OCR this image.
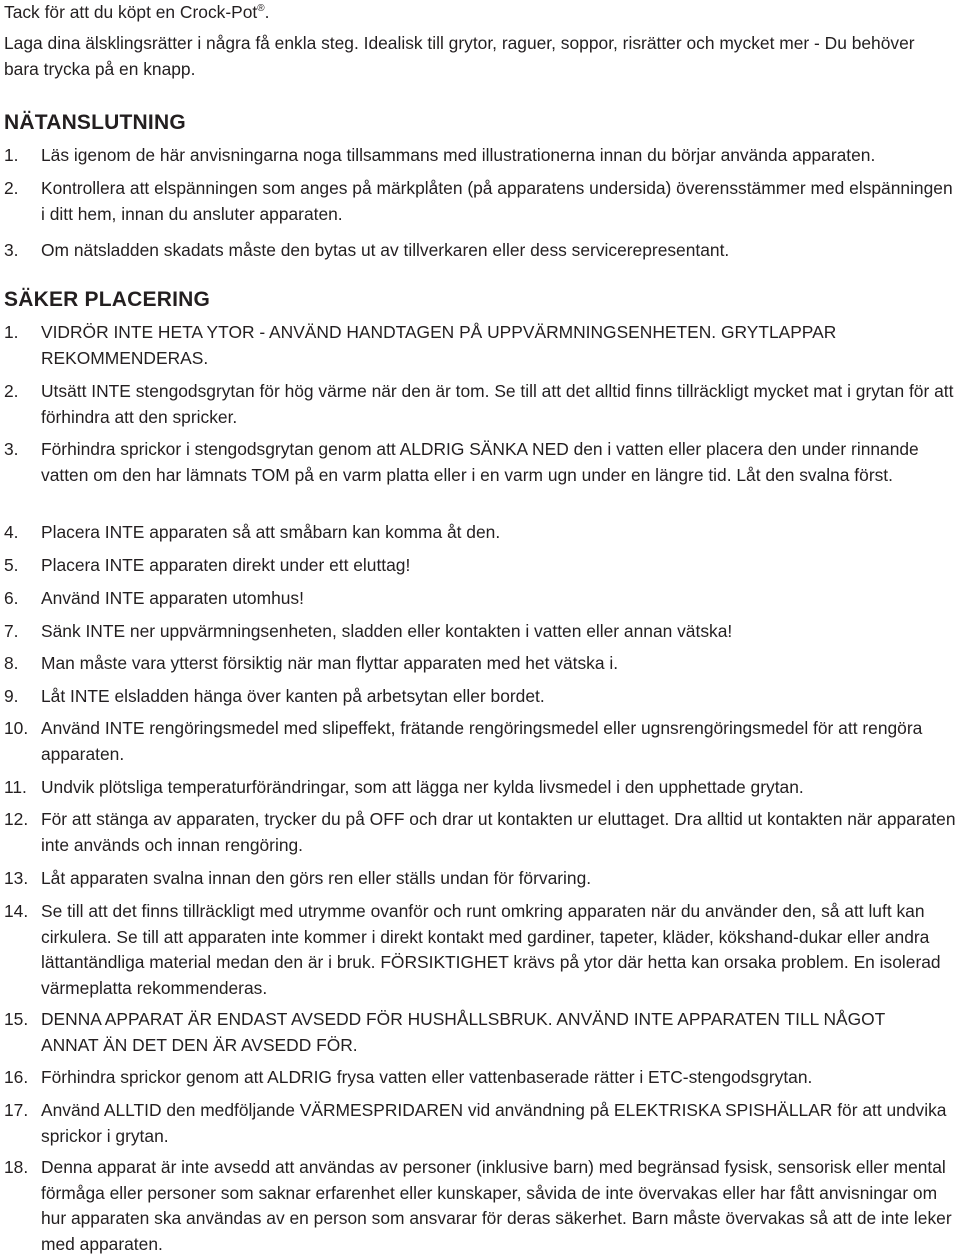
Tack för att du köpt en Crock-Pot®.
Laga dina älsklingsrätter i några få enkla steg. Idealisk till grytor, raguer, soppor, risrätter och mycket mer - Du behöver bara trycka på en knapp.
NÄTANSLUTNING
1.	Läs igenom de här anvisningarna noga tillsammans med illustrationerna innan du börjar använda apparaten.
2.	Kontrollera att elspänningen som anges på märkplåten (på apparatens undersida) överensstämmer med elspänningen i ditt hem, innan du ansluter apparaten.
3.	Om nätsladden skadats måste den bytas ut av tillverkaren eller dess servicerepresentant.
SÄKER PLACERING
1.	VIDRÖR INTE HETA YTOR - ANVÄND HANDTAGEN PÅ UPPVÄRMNINGSENHETEN. GRYTLAPPAR REKOMMENDERAS.
2.	Utsätt INTE stengodsgrytan för hög värme när den är tom. Se till att det alltid finns tillräckligt mycket mat i grytan för att förhindra att den spricker.
3.	Förhindra sprickor i stengodsgrytan genom att ALDRIG SÄNKA NED den i vatten eller placera den under rinnande vatten om den har lämnats TOM på en varm platta eller i en varm ugn under en längre tid. Låt den svalna först.
4.	Placera INTE apparaten så att småbarn kan komma åt den.
5.	Placera INTE apparaten direkt under ett eluttag!
6.	Använd INTE apparaten utomhus!
7.	Sänk INTE ner uppvärmningsenheten, sladden eller kontakten i vatten eller annan vätska!
8.	Man måste vara ytterst försiktig när man flyttar apparaten med het vätska i.
9.	Låt INTE elsladden hänga över kanten på arbetsytan eller bordet.
10. Använd INTE rengöringsmedel med slipeffekt, frätande rengöringsmedel eller ugnsrengöringsmedel för att rengöra apparaten.
11. Undvik plötsliga temperaturförändringar, som att lägga ner kylda livsmedel i den upphettade grytan.
12. För att stänga av apparaten, trycker du på OFF och drar ut kontakten ur eluttaget. Dra alltid ut kontakten när apparaten inte används och innan rengöring.
13. Låt apparaten svalna innan den görs ren eller ställs undan för förvaring.
14. Se till att det finns tillräckligt med utrymme ovanför och runt omkring apparaten när du använder den, så att luft kan cirkulera. Se till att apparaten inte kommer i direkt kontakt med gardiner, tapeter, kläder, kökshand-dukar eller andra lättantändliga material medan den är i bruk. FÖRSIKTIGHET krävs på ytor där hetta kan orsaka problem. En isolerad värmeplatta rekommenderas.
15. DENNA APPARAT ÄR ENDAST AVSEDD FÖR HUSHÅLLSBRUK. ANVÄND INTE APPARATEN TILL NÅGOT ANNAT ÄN DET DEN ÄR AVSEDD FÖR.
16. Förhindra sprickor genom att ALDRIG frysa vatten eller vattenbaserade rätter i ETC-stengodsgrytan.
17. Använd ALLTID den medföljande VÄRMESPRIDAREN vid användning på ELEKTRISKA SPISHÄLLAR för att undvika sprickor i grytan.
18. Denna apparat är inte avsedd att användas av personer (inklusive barn) med begränsad fysisk, sensorisk eller mental förmåga eller personer som saknar erfarenhet eller kunskaper, såvida de inte övervakas eller har fått anvisningar om hur apparaten ska användas av en person som ansvarar för deras säkerhet. Barn måste övervakas så att de inte leker med apparaten.
